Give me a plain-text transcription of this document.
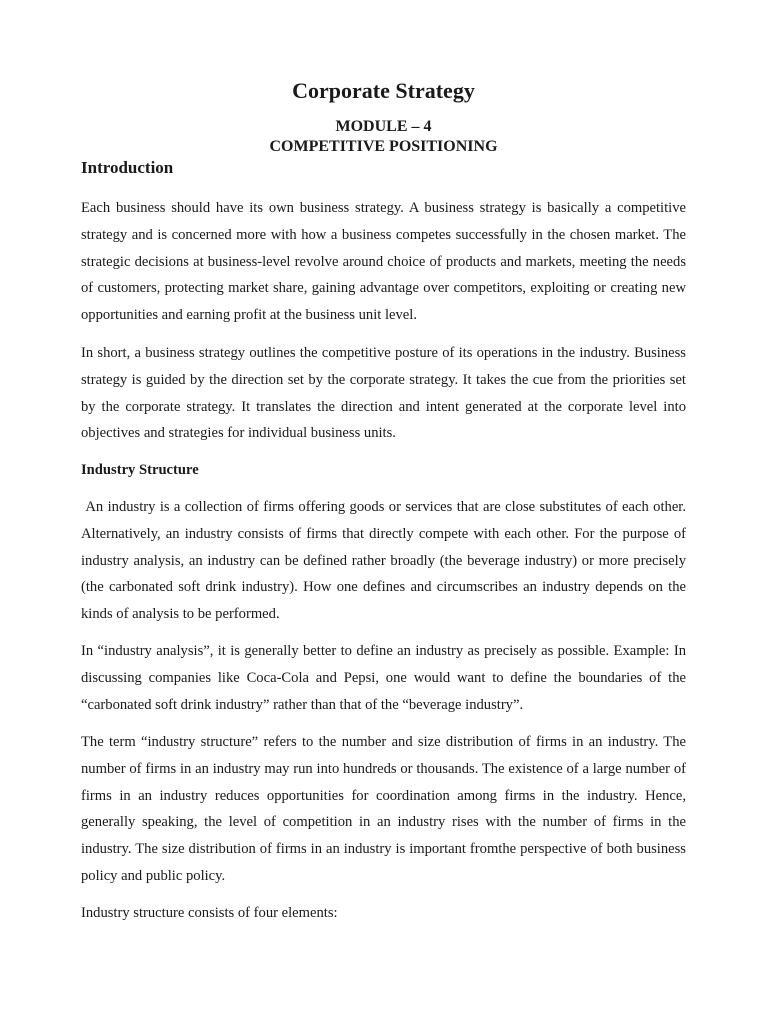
Corporate Strategy
MODULE – 4
COMPETITIVE POSITIONING
Introduction

Each business should have its own business strategy. A business strategy is basically a competitive strategy and is concerned more with how a business competes successfully in the chosen market. The strategic decisions at business-level revolve around choice of products and markets, meeting the needs of customers, protecting market share, gaining advantage over competitors, exploiting or creating new opportunities and earning profit at the business unit level.

In short, a business strategy outlines the competitive posture of its operations in the industry. Business strategy is guided by the direction set by the corporate strategy. It takes the cue from the priorities set by the corporate strategy. It translates the direction and intent generated at the corporate level into objectives and strategies for individual business units.

Industry Structure

An industry is a collection of firms offering goods or services that are close substitutes of each other. Alternatively, an industry consists of firms that directly compete with each other. For the purpose of industry analysis, an industry can be defined rather broadly (the beverage industry) or more precisely (the carbonated soft drink industry). How one defines and circumscribes an industry depends on the kinds of analysis to be performed.

In “industry analysis”, it is generally better to define an industry as precisely as possible. Example: In discussing companies like Coca-Cola and Pepsi, one would want to define the boundaries of the “carbonated soft drink industry” rather than that of the “beverage industry”.

The term “industry structure” refers to the number and size distribution of firms in an industry. The number of firms in an industry may run into hundreds or thousands. The existence of a large number of firms in an industry reduces opportunities for coordination among firms in the industry. Hence, generally speaking, the level of competition in an industry rises with the number of firms in the industry. The size distribution of firms in an industry is important fromthe perspective of both business policy and public policy.

Industry structure consists of four elements:
